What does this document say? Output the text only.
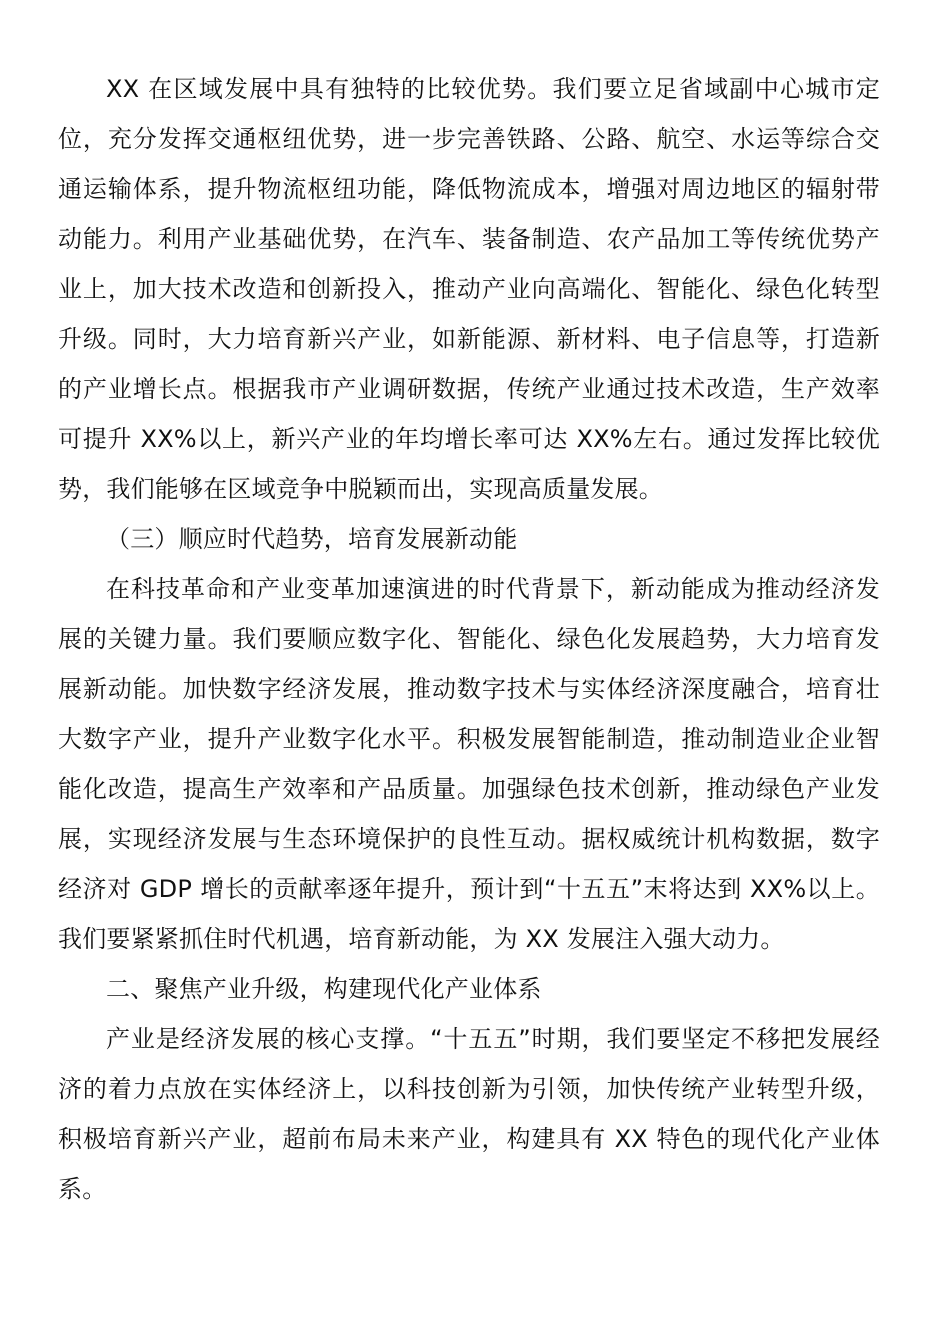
XX 在区域发展中具有独特的比较优势。我们要立足省域副中心城市定位，充分发挥交通枢纽优势，进一步完善铁路、公路、航空、水运等综合交通运输体系，提升物流枢纽功能，降低物流成本，增强对周边地区的辐射带动能力。利用产业基础优势，在汽车、装备制造、农产品加工等传统优势产业上，加大技术改造和创新投入，推动产业向高端化、智能化、绿色化转型升级。同时，大力培育新兴产业，如新能源、新材料、电子信息等，打造新的产业增长点。根据我市产业调研数据，传统产业通过技术改造，生产效率可提升 XX%以上，新兴产业的年均增长率可达 XX%左右。通过发挥比较优势，我们能够在区域竞争中脱颖而出，实现高质量发展。

（三）顺应时代趋势，培育发展新动能

在科技革命和产业变革加速演进的时代背景下，新动能成为推动经济发展的关键力量。我们要顺应数字化、智能化、绿色化发展趋势，大力培育发展新动能。加快数字经济发展，推动数字技术与实体经济深度融合，培育壮大数字产业，提升产业数字化水平。积极发展智能制造，推动制造业企业智能化改造，提高生产效率和产品质量。加强绿色技术创新，推动绿色产业发展，实现经济发展与生态环境保护的良性互动。据权威统计机构数据，数字经济对 GDP 增长的贡献率逐年提升，预计到“十五五”末将达到 XX%以上。我们要紧紧抓住时代机遇，培育新动能，为 XX 发展注入强大动力。

二、聚焦产业升级，构建现代化产业体系

产业是经济发展的核心支撑。“十五五”时期，我们要坚定不移把发展经济的着力点放在实体经济上，以科技创新为引领，加快传统产业转型升级，积极培育新兴产业，超前布局未来产业，构建具有 XX 特色的现代化产业体系。
